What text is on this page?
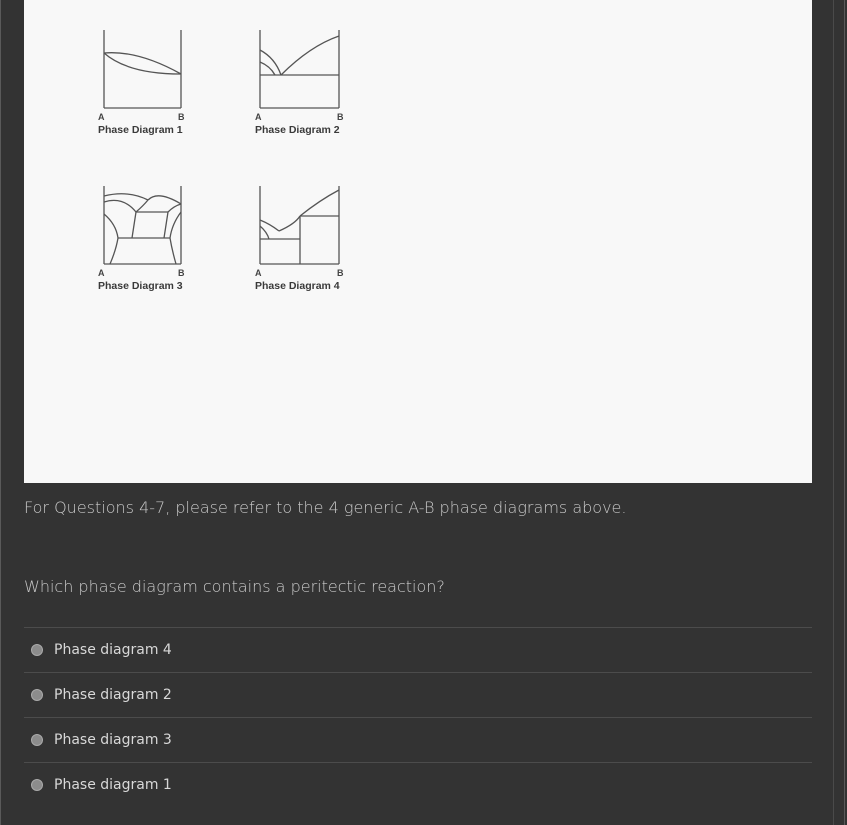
A	B
Phase Diagram 1
A	B
Phase Diagram 2
A	B
Phase Diagram 3
A	B
Phase Diagram 4
For Questions 4-7, please refer to the 4 generic A-B phase diagrams above.
Which phase diagram contains a peritectic reaction?
Phase diagram 4
Phase diagram 2
Phase diagram 3
Phase diagram 1
